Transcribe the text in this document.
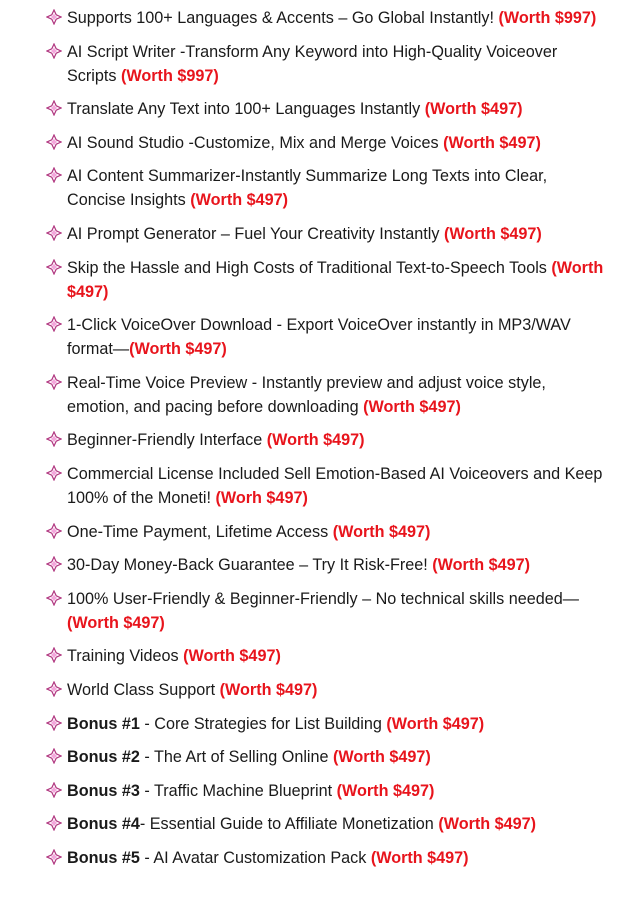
Supports 100+ Languages & Accents – Go Global Instantly! (Worth $997)
AI Script Writer -Transform Any Keyword into High-Quality Voiceover Scripts (Worth $997)
Translate Any Text into 100+ Languages Instantly (Worth $497)
AI Sound Studio -Customize, Mix and Merge Voices (Worth $497)
AI Content Summarizer-Instantly Summarize Long Texts into Clear, Concise Insights (Worth $497)
AI Prompt Generator – Fuel Your Creativity Instantly (Worth $497)
Skip the Hassle and High Costs of Traditional Text-to-Speech Tools (Worth $497)
1-Click VoiceOver Download - Export VoiceOver instantly in MP3/WAV format—(Worth $497)
Real-Time Voice Preview - Instantly preview and adjust voice style, emotion, and pacing before downloading (Worth $497)
Beginner-Friendly Interface (Worth $497)
Commercial License Included Sell Emotion-Based AI Voiceovers and Keep 100% of the Moneti! (Worh $497)
One-Time Payment, Lifetime Access (Worth $497)
30-Day Money-Back Guarantee – Try It Risk-Free! (Worth $497)
100% User-Friendly & Beginner-Friendly – No technical skills needed— (Worth $497)
Training Videos (Worth $497)
World Class Support (Worth $497)
Bonus #1 - Core Strategies for List Building (Worth $497)
Bonus #2 - The Art of Selling Online (Worth $497)
Bonus #3 - Traffic Machine Blueprint (Worth $497)
Bonus #4- Essential Guide to Affiliate Monetization (Worth $497)
Bonus #5 - AI Avatar Customization Pack (Worth $497)
